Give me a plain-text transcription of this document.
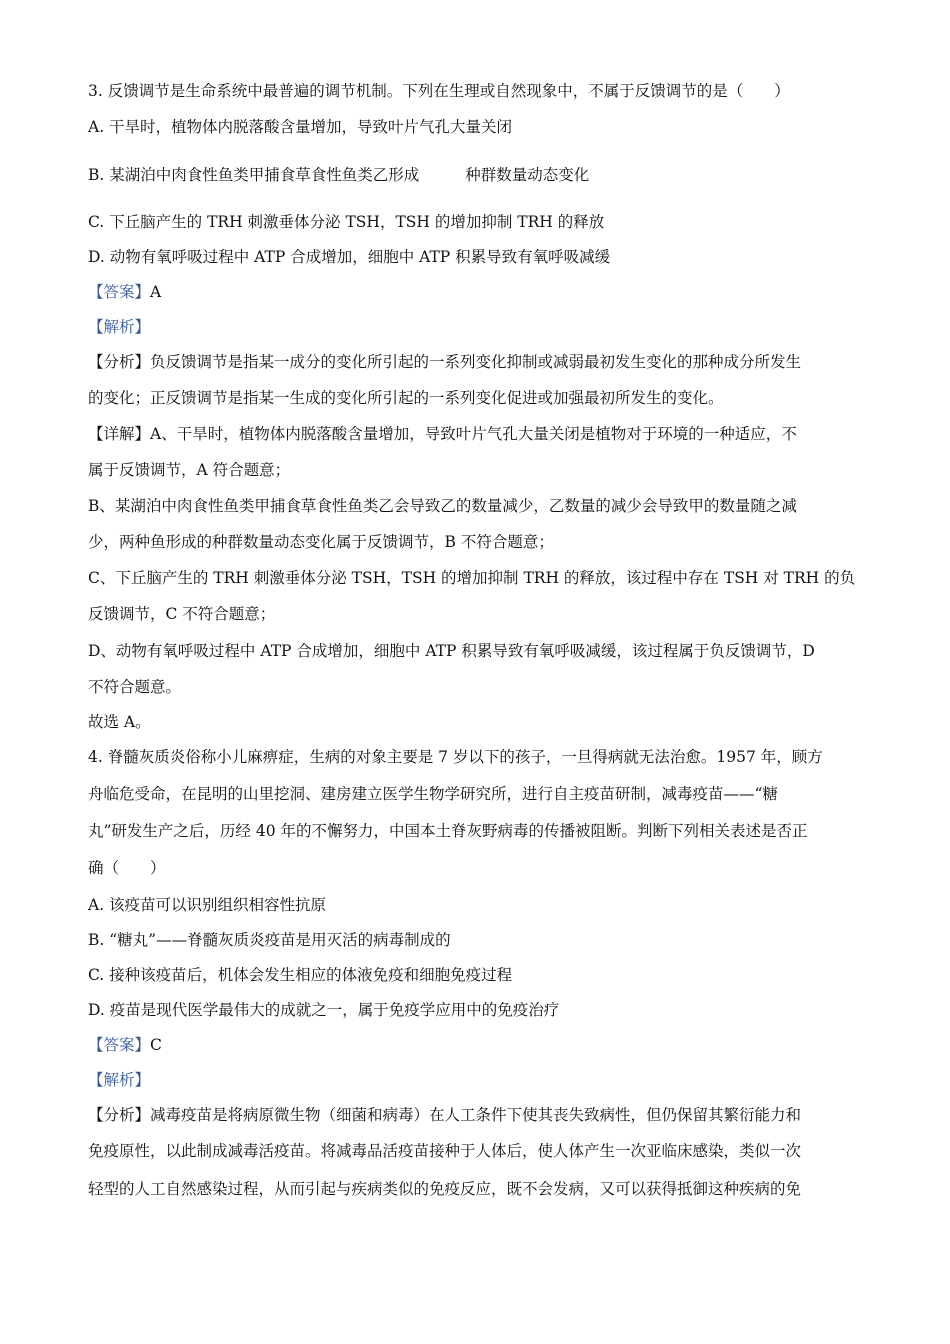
3. 反馈调节是生命系统中最普遍的调节机制。下列在生理或自然现象中，不属于反馈调节的是（　　）
A. 干旱时，植物体内脱落酸含量增加，导致叶片气孔大量关闭
B. 某湖泊中肉食性鱼类甲捕食草食性鱼类乙形成	种群数量动态变化
C. 下丘脑产生的 TRH 刺激垂体分泌 TSH，TSH 的增加抑制 TRH 的释放
D. 动物有氧呼吸过程中 ATP 合成增加，细胞中 ATP 积累导致有氧呼吸减缓
【答案】A
【解析】
【分析】负反馈调节是指某一成分的变化所引起的一系列变化抑制或减弱最初发生变化的那种成分所发生
的变化；正反馈调节是指某一生成的变化所引起的一系列变化促进或加强最初所发生的变化。
【详解】A、干旱时，植物体内脱落酸含量增加，导致叶片气孔大量关闭是植物对于环境的一种适应，不
属于反馈调节，A 符合题意；
B、某湖泊中肉食性鱼类甲捕食草食性鱼类乙会导致乙的数量减少，乙数量的减少会导致甲的数量随之减
少，两种鱼形成的种群数量动态变化属于反馈调节，B 不符合题意；
C、下丘脑产生的 TRH 刺激垂体分泌 TSH，TSH 的增加抑制 TRH 的释放，该过程中存在 TSH 对 TRH 的负
反馈调节，C 不符合题意；
D、动物有氧呼吸过程中 ATP 合成增加，细胞中 ATP 积累导致有氧呼吸减缓，该过程属于负反馈调节，D
不符合题意。
故选 A。
4. 脊髓灰质炎俗称小儿麻痹症，生病的对象主要是 7 岁以下的孩子，一旦得病就无法治愈。1957 年，顾方
舟临危受命，在昆明的山里挖洞、建房建立医学生物学研究所，进行自主疫苗研制，减毒疫苗——“糖
丸”研发生产之后，历经 40 年的不懈努力，中国本土脊灰野病毒的传播被阻断。判断下列相关表述是否正
确（　　）
A. 该疫苗可以识别组织相容性抗原
B. “糖丸”——脊髓灰质炎疫苗是用灭活的病毒制成的
C. 接种该疫苗后，机体会发生相应的体液免疫和细胞免疫过程
D. 疫苗是现代医学最伟大的成就之一，属于免疫学应用中的免疫治疗
【答案】C
【解析】
【分析】减毒疫苗是将病原微生物（细菌和病毒）在人工条件下使其丧失致病性，但仍保留其繁衍能力和
免疫原性，以此制成减毒活疫苗。将减毒品活疫苗接种于人体后，使人体产生一次亚临床感染，类似一次
轻型的人工自然感染过程，从而引起与疾病类似的免疫反应，既不会发病，又可以获得抵御这种疾病的免
